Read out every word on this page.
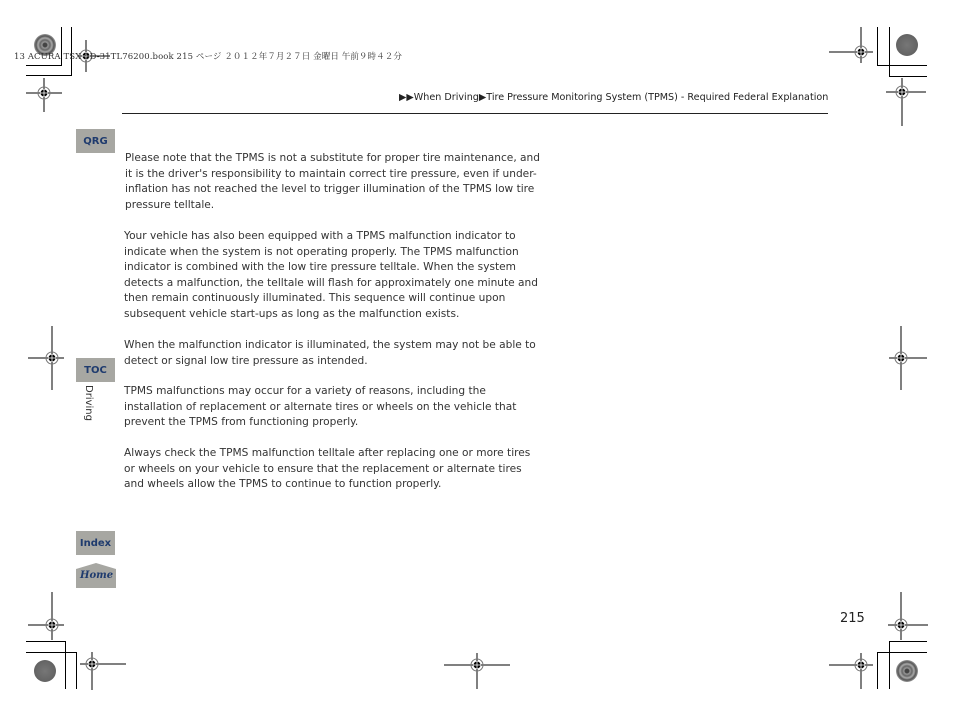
13 ACURA TSX 5D-31TL76200.book 215 ページ ２０１２年７月２７日 金曜日 午前９時４２分
▶▶When Driving▶Tire Pressure Monitoring System (TPMS) - Required Federal Explanation
QRG
TOC
Driving
Index
Home

Please note that the TPMS is not a substitute for proper tire maintenance, and it is the driver's responsibility to maintain correct tire pressure, even if under-inflation has not reached the level to trigger illumination of the TPMS low tire pressure telltale.

Your vehicle has also been equipped with a TPMS malfunction indicator to indicate when the system is not operating properly. The TPMS malfunction indicator is combined with the low tire pressure telltale. When the system detects a malfunction, the telltale will flash for approximately one minute and then remain continuously illuminated. This sequence will continue upon subsequent vehicle start-ups as long as the malfunction exists.

When the malfunction indicator is illuminated, the system may not be able to detect or signal low tire pressure as intended.

TPMS malfunctions may occur for a variety of reasons, including the installation of replacement or alternate tires or wheels on the vehicle that prevent the TPMS from functioning properly.

Always check the TPMS malfunction telltale after replacing one or more tires or wheels on your vehicle to ensure that the replacement or alternate tires and wheels allow the TPMS to continue to function properly.

215
